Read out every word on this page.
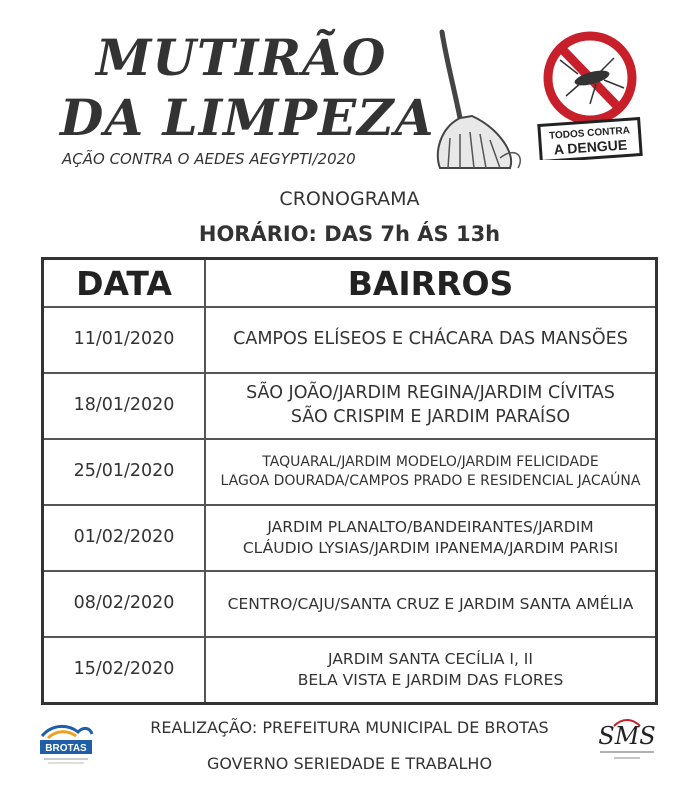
MUTIRÃO
DA LIMPEZA
AÇÃO CONTRA O AEDES AEGYPTI/2020
TODOS CONTRA
A DENGUE
CRONOGRAMA
HORÁRIO: DAS 7h ÁS 13h
DATA	BAIRROS
11/01/2020	CAMPOS ELÍSEOS E CHÁCARA DAS MANSÕES

18/01/2020	SÃO JOÃO/JARDIM REGINA/JARDIM CÍVITAS
SÃO CRISPIM E JARDIM PARAÍSO

25/01/2020	TAQUARAL/JARDIM MODELO/JARDIM FELICIDADE
LAGOA DOURADA/CAMPOS PRADO E RESIDENCIAL JACAÚNA

01/02/2020	JARDIM PLANALTO/BANDEIRANTES/JARDIM
CLÁUDIO LYSIAS/JARDIM IPANEMA/JARDIM PARISI

08/02/2020	CENTRO/CAJU/SANTA CRUZ E JARDIM SANTA AMÉLIA

15/02/2020	JARDIM SANTA CECÍLIA I, II
BELA VISTA E JARDIM DAS FLORES
BROTAS
REALIZAÇÃO: PREFEITURA MUNICIPAL DE BROTAS
GOVERNO SERIEDADE E TRABALHO
SMS
